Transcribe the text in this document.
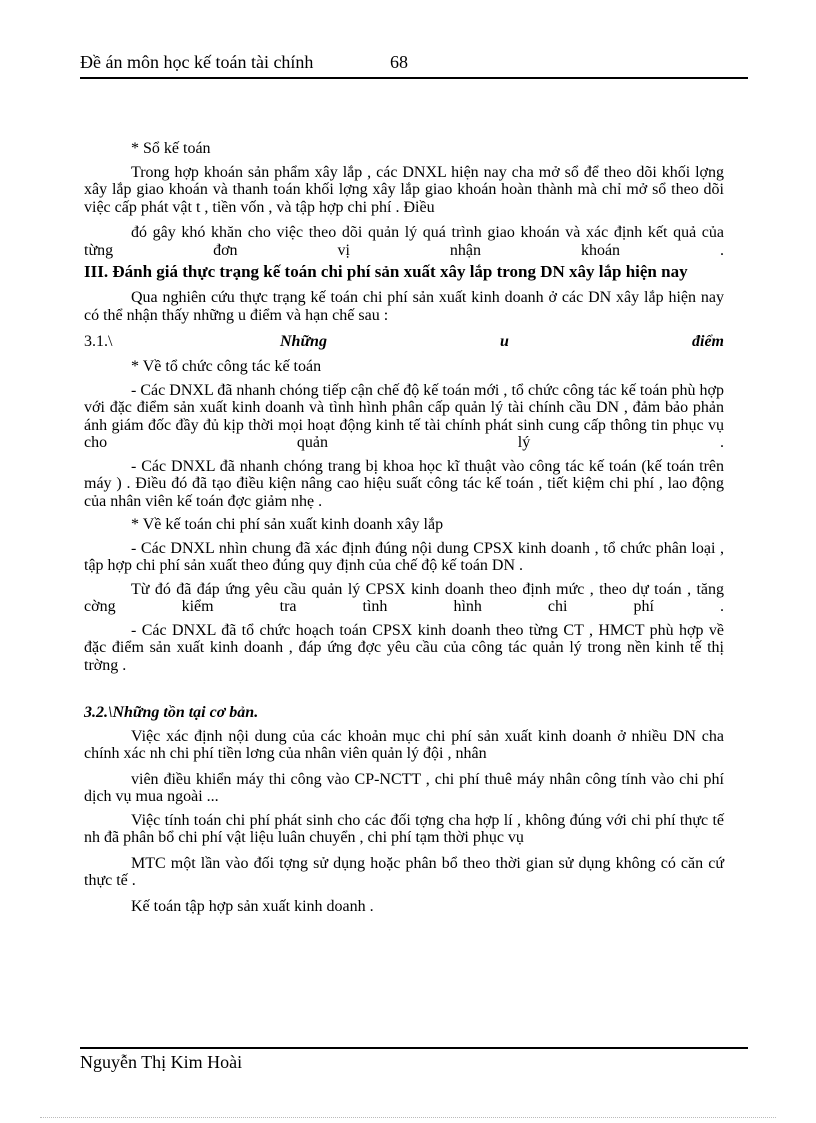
Đề án môn học kế toán tài chính	68

* Sổ kế toán

Trong hợp khoán sản phẩm xây lắp , các DNXL hiện nay cha mở sổ để theo dõi khối lợng xây lắp giao khoán và thanh toán khối lợng xây lắp giao khoán hoàn thành mà chỉ mở sổ theo dõi việc cấp phát vật t , tiền vốn , và tập hợp chi phí . Điều

đó gây khó khăn cho việc theo dõi quản lý quá trình giao khoán và xác định kết quả của từng đơn vị nhận khoán .

III. Đánh giá thực trạng kế toán chi phí sản xuất xây lắp trong DN xây lắp hiện nay

Qua nghiên cứu thực trạng kế toán chi phí sản xuất kinh doanh ở các DN xây lắp hiện nay có thể nhận thấy những u điểm và hạn chế sau :

3.1.\	Những	u	điểm

* Về tổ chức công tác kế toán

- Các DNXL đã nhanh chóng tiếp cận chế độ kế toán mới , tổ chức công tác kế toán phù hợp với đặc điểm sản xuất kinh doanh và tình hình phân cấp quản lý tài chính cầu DN , đảm bảo phản ánh giám đốc đầy đủ kịp thời mọi hoạt động kinh tế tài chính phát sinh cung cấp thông tin phục vụ cho quản lý .

- Các DNXL đã nhanh chóng trang bị khoa học kĩ thuật vào công tác kế toán (kế toán trên máy ) . Điều đó đã tạo điều kiện nâng cao hiệu suất công tác kế toán , tiết kiệm chi phí , lao động của nhân viên kế toán đợc giảm nhẹ .

* Về kế toán chi phí sản xuất kinh doanh xây lắp

- Các DNXL nhìn chung đã xác định đúng nội dung CPSX kinh doanh , tổ chức phân loại , tập hợp chi phí sản xuất theo đúng quy định của chế độ kế toán DN .

Từ đó đã đáp ứng yêu cầu quản lý CPSX kinh doanh theo định mức , theo dự toán , tăng cờng kiểm tra tình hình chi phí .

- Các DNXL đã tổ chức hoạch toán CPSX kinh doanh theo từng CT , HMCT phù hợp về đặc điểm sản xuất kinh doanh , đáp ứng đợc yêu cầu của công tác quản lý trong nền kinh tế thị trờng .

3.2.\Những tồn tại cơ bản.

Việc xác định nội dung của các khoản mục chi phí sản xuất kinh doanh ở nhiều DN cha chính xác nh chi phí tiền lơng của nhân viên quản lý đội , nhân

viên điều khiển máy thi công vào CP-NCTT , chi phí thuê máy nhân công tính vào chi phí dịch vụ mua ngoài ...

Việc tính toán chi phí phát sinh cho các đối tợng cha hợp lí , không đúng với chi phí thực tế nh đã phân bổ chi phí vật liệu luân chuyển , chi phí tạm thời phục vụ

MTC một lần vào đối tợng sử dụng hoặc phân bổ theo thời gian sử dụng không có căn cứ thực tế .

Kế toán tập hợp sản xuất kinh doanh .

Nguyễn Thị Kim Hoài
